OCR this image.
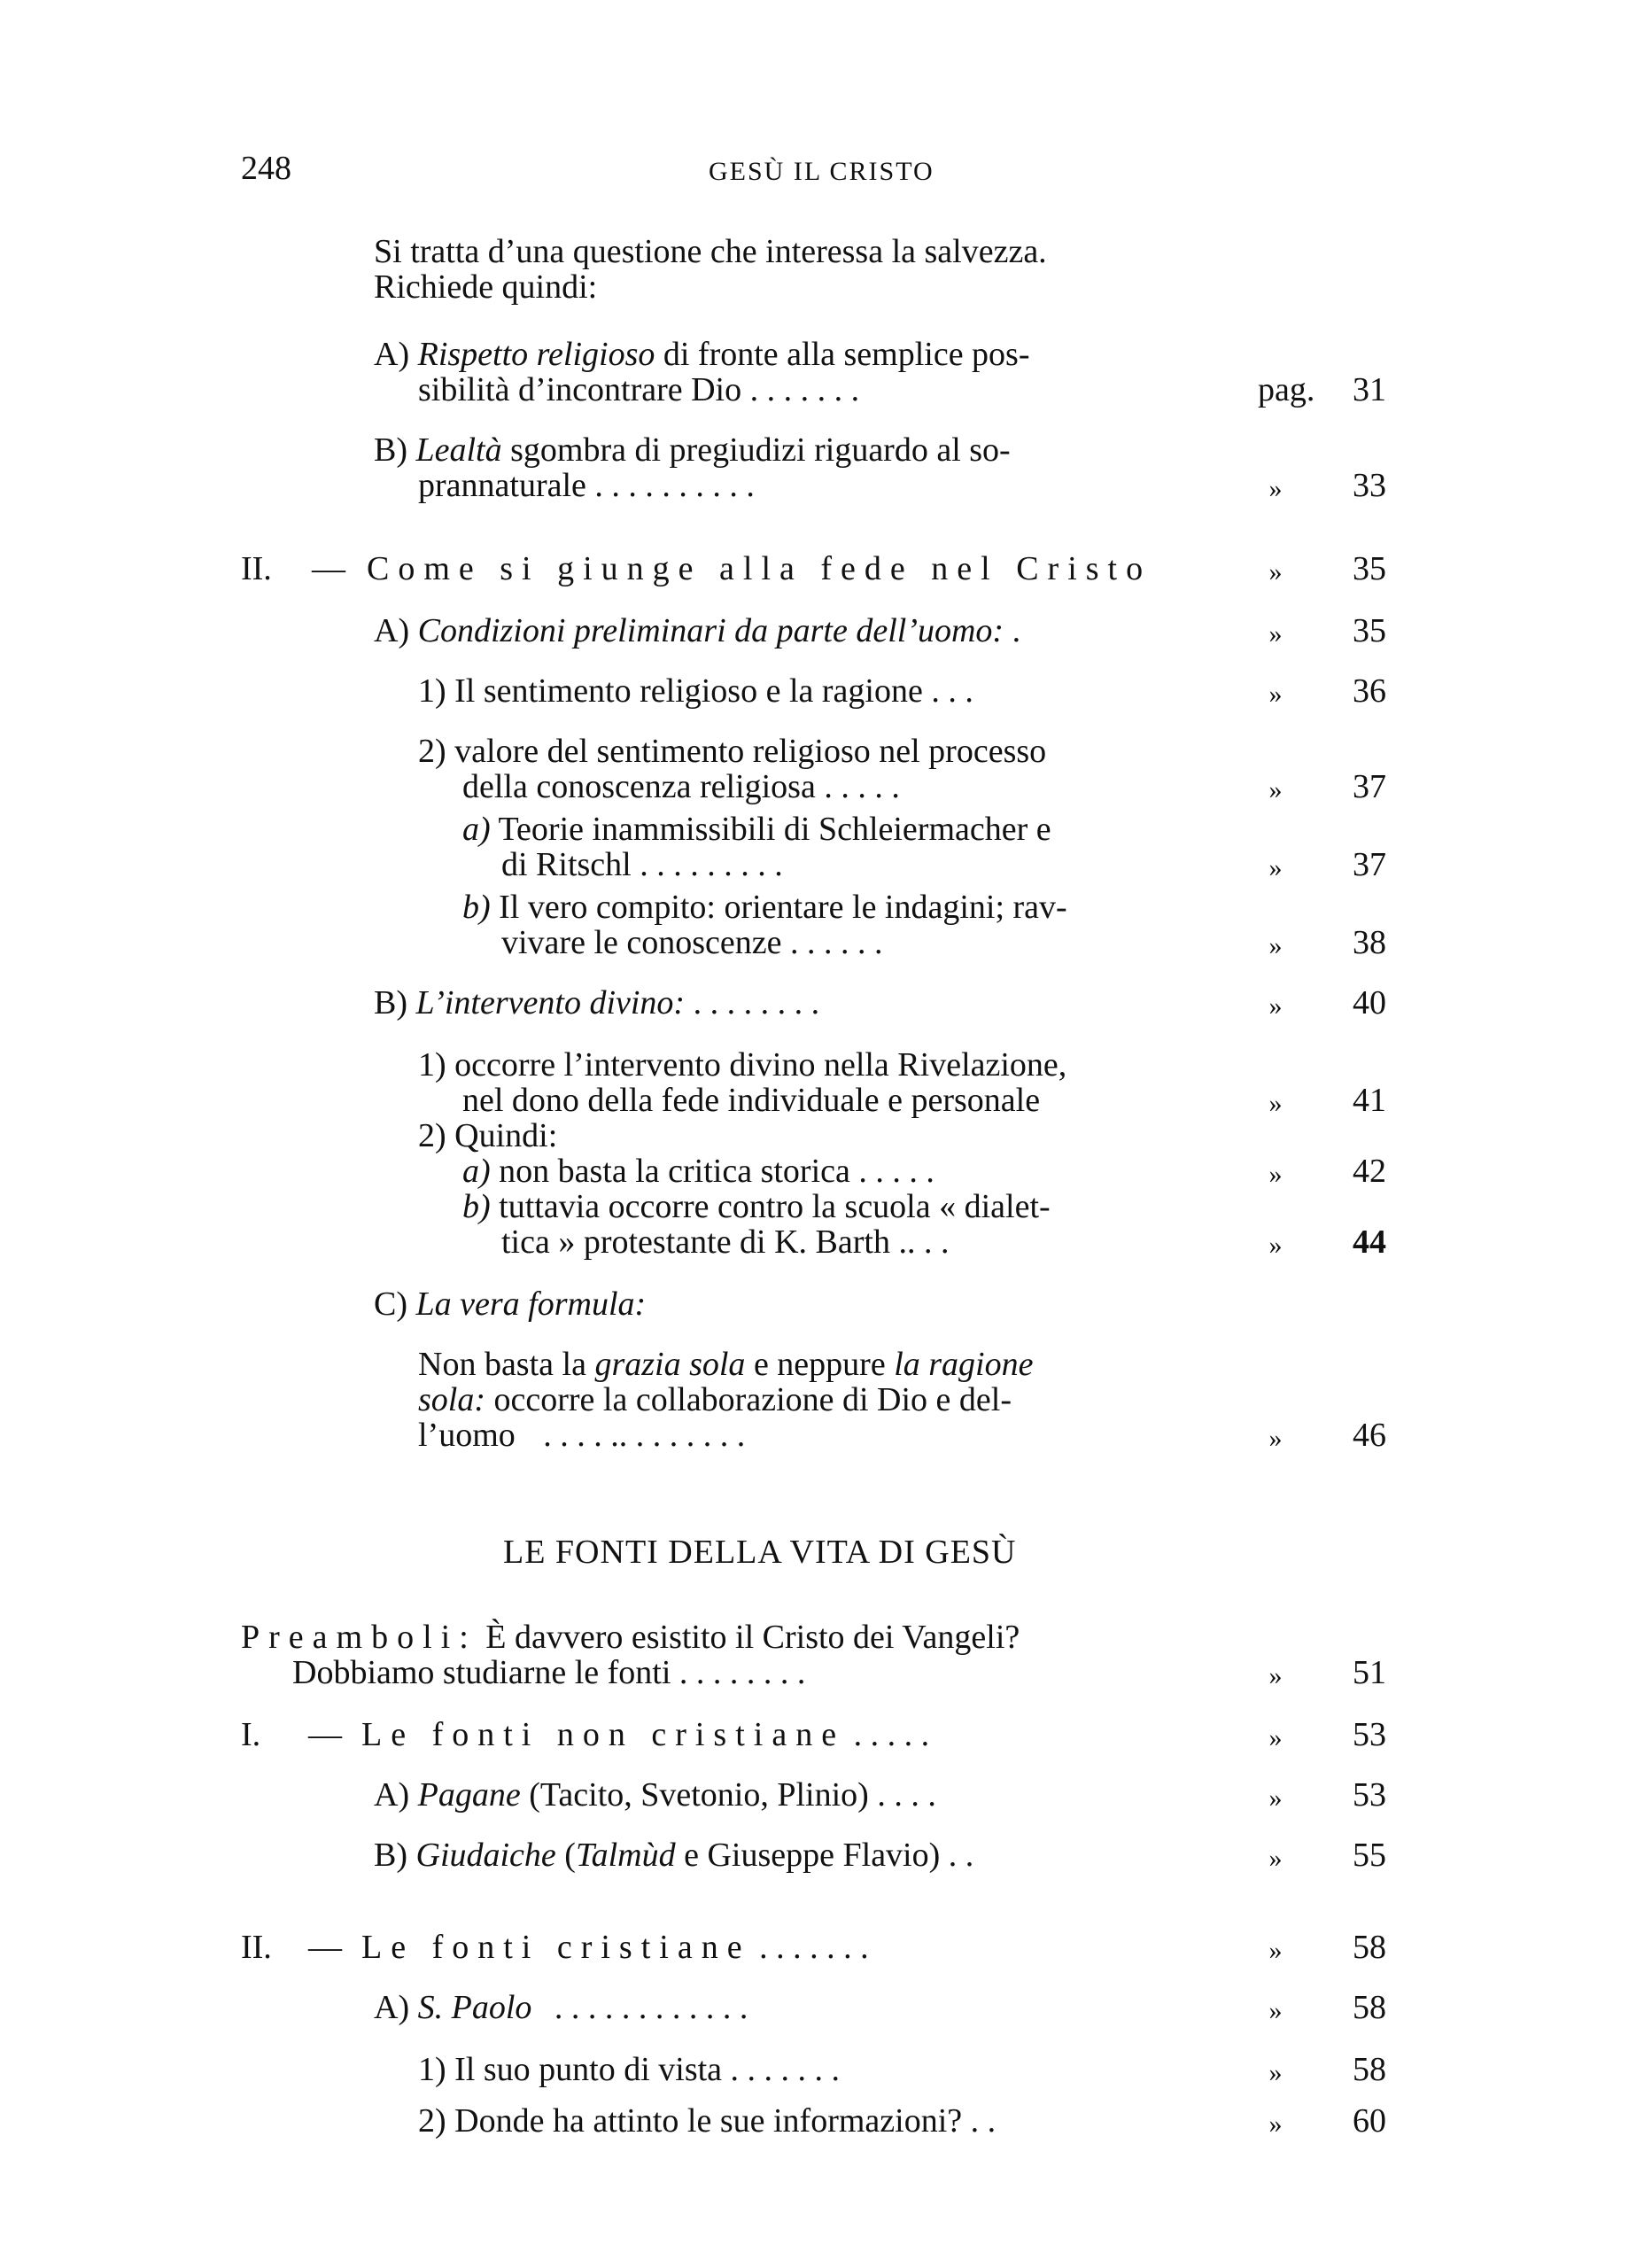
248	GESÙ IL CRISTO
Si tratta d’una questione che interessa la salvezza.
Richiede quindi:
A) Rispetto religioso di fronte alla semplice pos-
sibilità d’incontrare Dio . . . . . . .	pag.	31
B) Lealtà sgombra di pregiudizi riguardo al so-
prannaturale . . . . . . . . . .	»	33
II. — Come si giunge alla fede nel Cristo	»	35
A) Condizioni preliminari da parte dell’uomo: .	»	35
1) Il sentimento religioso e la ragione . . .	»	36
2) valore del sentimento religioso nel processo
della conoscenza religiosa . . . . .	»	37
a) Teorie inammissibili di Schleiermacher e
di Ritschl . . . . . . . . .	»	37
b) Il vero compito: orientare le indagini; rav-
vivare le conoscenze . . . . . .	»	38
B) L’intervento divino: . . . . . . . .	»	40
1) occorre l’intervento divino nella Rivelazione,
nel dono della fede individuale e personale	»	41
2) Quindi:
a) non basta la critica storica . . . . .	»	42
b) tuttavia occorre contro la scuola « dialet-
tica » protestante di K. Barth .. . .	»	44
C) La vera formula:
Non basta la grazia sola e neppure la ragione
sola: occorre la collaborazione di Dio e del-
l’uomo . . . . .. . . . . . . .	»	46
LE FONTI DELLA VITA DI GESÙ
Preamboli: È davvero esistito il Cristo dei Vangeli?
Dobbiamo studiarne le fonti . . . . . . . .	»	51
I. — Le fonti non cristiane . . . . .	»	53
A) Pagane (Tacito, Svetonio, Plinio) . . . .	»	53
B) Giudaiche (Talmùd e Giuseppe Flavio) . .	»	55
II. — Le fonti cristiane . . . . . . .	»	58
A) S. Paolo . . . . . . . . . . . .	»	58
1) Il suo punto di vista . . . . . . .	»	58
2) Donde ha attinto le sue informazioni? . .	»	60
